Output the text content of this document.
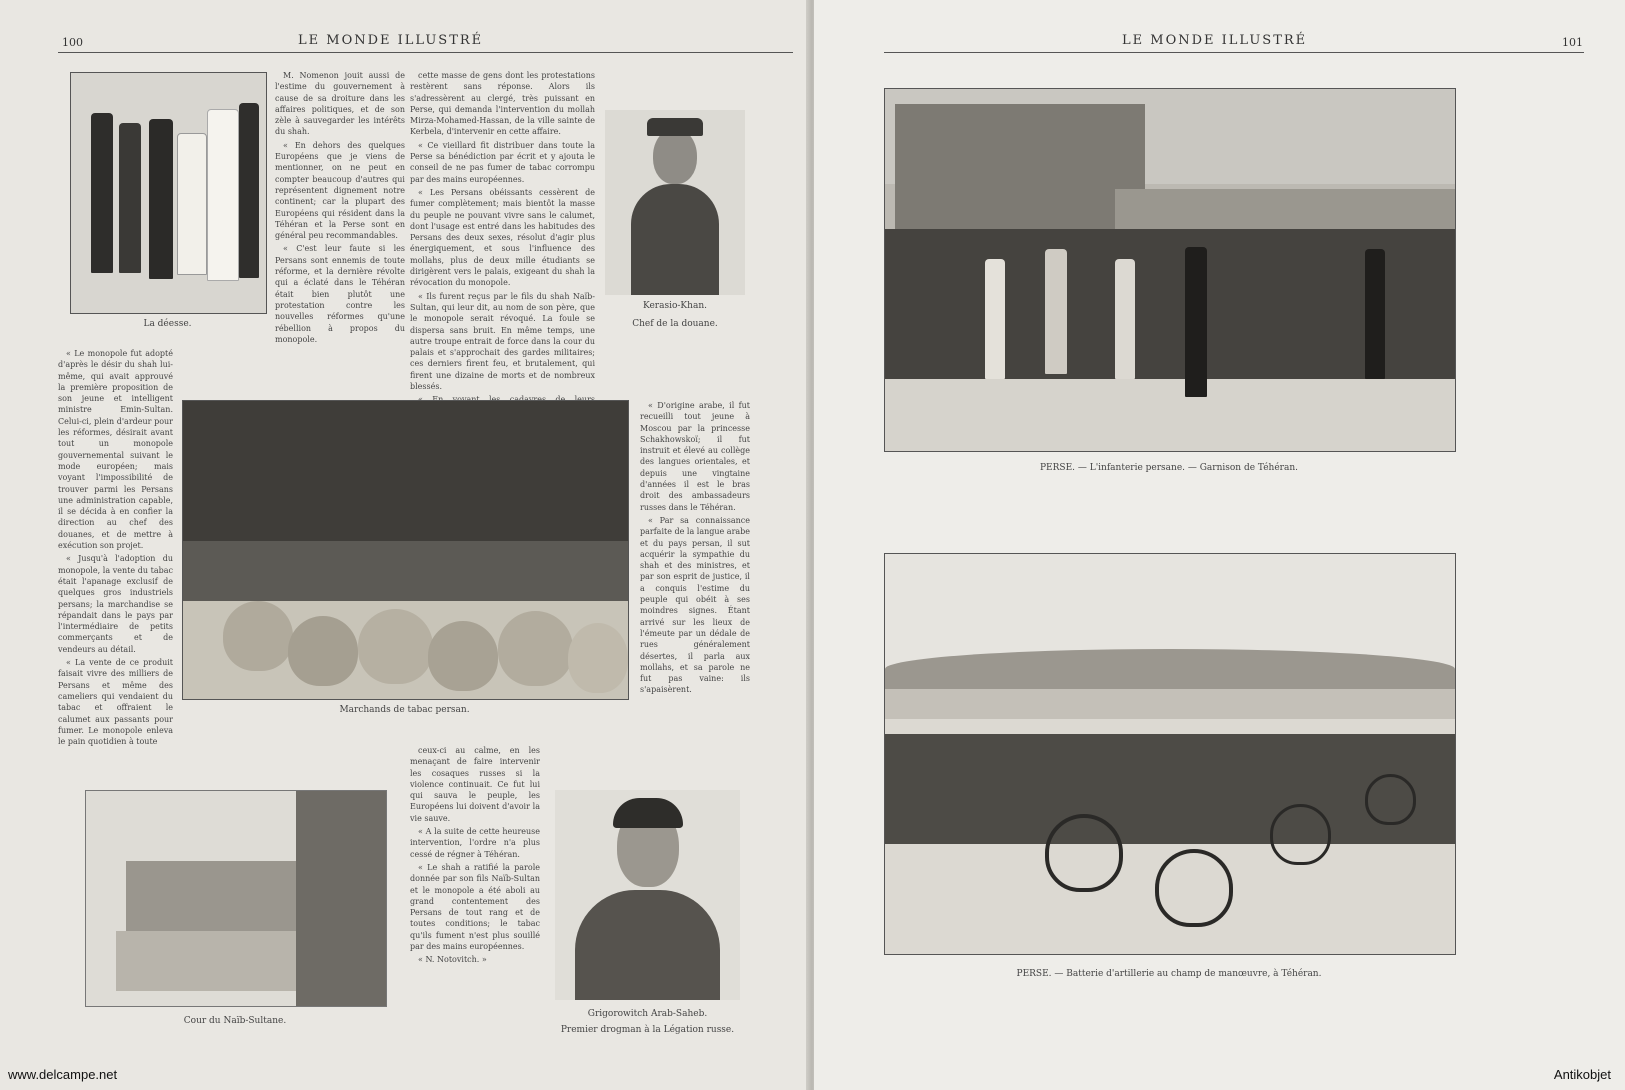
100	LE MONDE ILLUSTRÉ
La déesse.

M. Nomenon jouit aussi de l'estime du gouvernement à cause de sa droiture dans les affaires politiques, et de son zèle à sauvegarder les intérêts du shah.

« En dehors des quelques Européens que je viens de mentionner, on ne peut en compter beaucoup d'autres qui représentent dignement notre continent; car la plupart des Européens qui résident dans la Téhéran et la Perse sont en général peu recommandables.

« C'est leur faute si les Persans sont ennemis de toute réforme, et la dernière révolte qui a éclaté dans le Téhéran était bien plutôt une protestation contre les nouvelles réformes qu'une rébellion à propos du monopole.

cette masse de gens dont les protestations restèrent sans réponse. Alors ils s'adressèrent au clergé, très puissant en Perse, qui demanda l'intervention du mollah Mirza-Mohamed-Hassan, de la ville sainte de Kerbela, d'intervenir en cette affaire.

« Ce vieillard fit distribuer dans toute la Perse sa bénédiction par écrit et y ajouta le conseil de ne pas fumer de tabac corrompu par des mains européennes.

« Les Persans obéissants cessèrent de fumer complètement; mais bientôt la masse du peuple ne pouvant vivre sans le calumet, dont l'usage est entré dans les habitudes des Persans des deux sexes, résolut d'agir plus énergiquement, et sous l'influence des mollahs, plus de deux mille étudiants se dirigèrent vers le palais, exigeant du shah la révocation du monopole.

« Ils furent reçus par le fils du shah Naïb-Sultan, qui leur dit, au nom de son père, que le monopole serait révoqué. La foule se dispersa sans bruit. En même temps, une autre troupe entrait de force dans la cour du palais et s'approchait des gardes militaires; ces derniers firent feu, et brutalement, qui firent une dizaine de morts et de nombreux blessés.

Kerasio-Khan.
Chef de la douane.

« Le monopole fut adopté d'après le désir du shah lui-même, qui avait approuvé la première proposition de son jeune et intelligent ministre Emin-Sultan. Celui-ci, plein d'ardeur pour les réformes, désirait avant tout un monopole gouvernemental suivant le mode européen; mais voyant l'impossibilité de trouver parmi les Persans une administration capable, il se décida à en confier la direction au chef des douanes, et de mettre à exécution son projet.

« Jusqu'à l'adoption du monopole, la vente du tabac était l'apanage exclusif de quelques gros industriels persans; la marchandise se répandait dans le pays par l'intermédiaire de petits commerçants et de vendeurs au détail.

« La vente de ce produit faisait vivre des milliers de Persans et même des cameliers qui vendaient du tabac et offraient le calumet aux passants pour fumer. Le monopole enleva le pain quotidien à toute

Marchands de tabac persan.

« D'origine arabe, il fut recueilli tout jeune à Moscou par la princesse Schakhowskoï; il fut instruit et élevé au collège des langues orientales, et depuis une vingtaine d'années il est le bras droit des ambassadeurs russes dans le Téhéran.

« Par sa connaissance parfaite de la langue arabe et du pays persan, il sut acquérir la sympathie du shah et des ministres, et par son esprit de justice, il a conquis l'estime du peuple qui obéit à ses moindres signes. Étant arrivé sur les lieux de l'émeute par un dédale de rues généralement désertes, il parla aux mollahs, et sa parole ne fut pas vaine: ils s'apaisèrent.

Cour du Naïb-Sultane.

ceux-ci au calme, en les menaçant de faire intervenir les cosaques russes si la violence continuait. Ce fut lui qui sauva le peuple, les Européens lui doivent d'avoir la vie sauve.

« A la suite de cette heureuse intervention, l'ordre n'a plus cessé de régner à Téhéran.

« Le shah a ratifié la parole donnée par son fils Naïb-Sultan et le monopole a été aboli au grand contentement des Persans de tout rang et de toutes conditions; le tabac qu'ils fument n'est plus souillé par des mains européennes.

« N. Notovitch. »

Grigorowitch Arab-Saheb.
Premier drogman à la Légation russe.
www.delcampe.net
LE MONDE ILLUSTRÉ	101
PERSE. — L'infanterie persane. — Garnison de Téhéran.
PERSE. — Batterie d'artillerie au champ de manœuvre, à Téhéran.
Antikobjet
